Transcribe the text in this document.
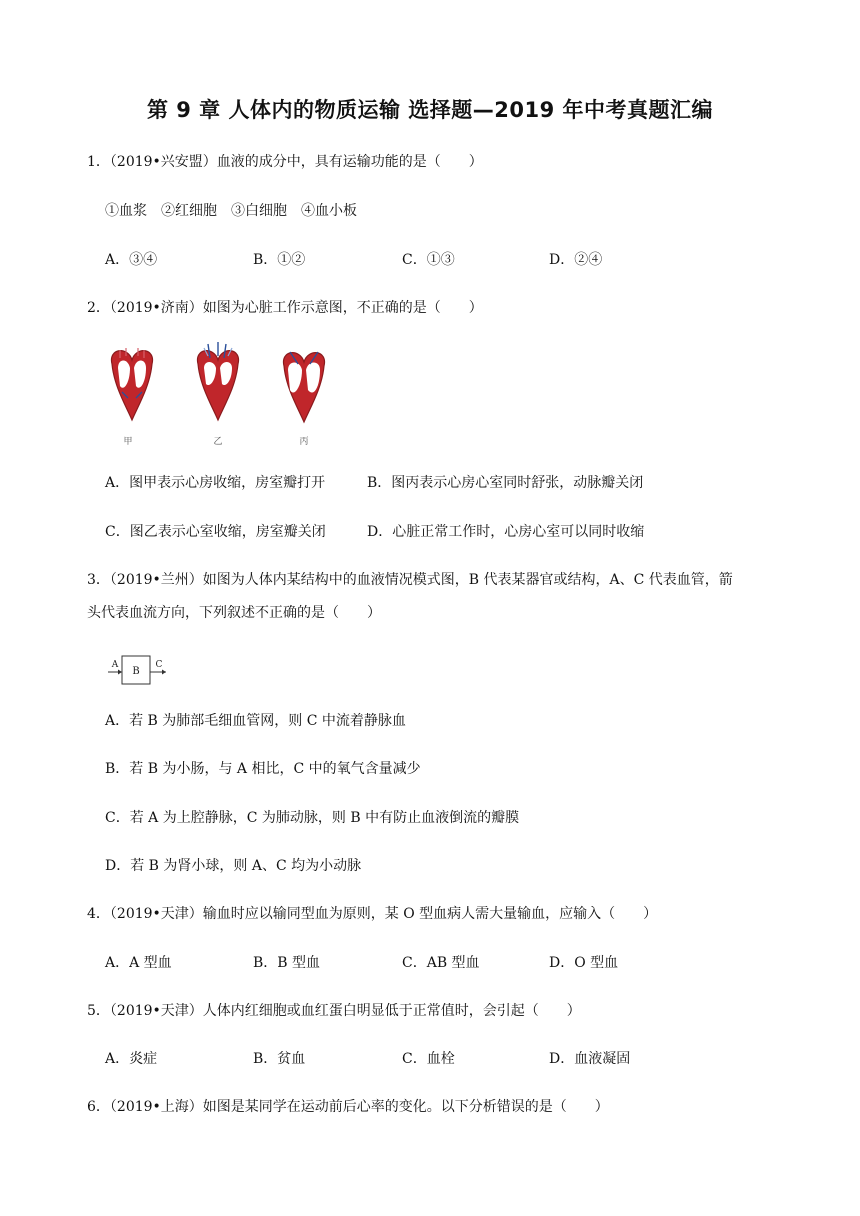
第 9 章 人体内的物质运输 选择题—2019 年中考真题汇编
1．（2019•兴安盟）血液的成分中，具有运输功能的是（　　）
①血浆　②红细胞　③白细胞　④血小板
A．③④	B．①②	C．①③	D．②④
2．（2019•济南）如图为心脏工作示意图，不正确的是（　　）
甲	乙	丙
A．图甲表示心房收缩，房室瓣打开	B．图丙表示心房心室同时舒张，动脉瓣关闭
C．图乙表示心室收缩，房室瓣关闭	D．心脏正常工作时，心房心室可以同时收缩
3．（2019•兰州）如图为人体内某结构中的血液情况模式图，B 代表某器官或结构，A、C 代表血管，箭
头代表血流方向，下列叙述不正确的是（　　）
A
B
C
A．若 B 为肺部毛细血管网，则 C 中流着静脉血
B．若 B 为小肠，与 A 相比，C 中的氧气含量减少
C．若 A 为上腔静脉，C 为肺动脉，则 B 中有防止血液倒流的瓣膜
D．若 B 为肾小球，则 A、C 均为小动脉
4．（2019•天津）输血时应以输同型血为原则，某 O 型血病人需大量输血，应输入（　　）
A．A 型血	B．B 型血	C．AB 型血	D．O 型血
5．（2019•天津）人体内红细胞或血红蛋白明显低于正常值时，会引起（　　）
A．炎症	B．贫血	C．血栓	D．血液凝固
6．（2019•上海）如图是某同学在运动前后心率的变化。以下分析错误的是（　　）
